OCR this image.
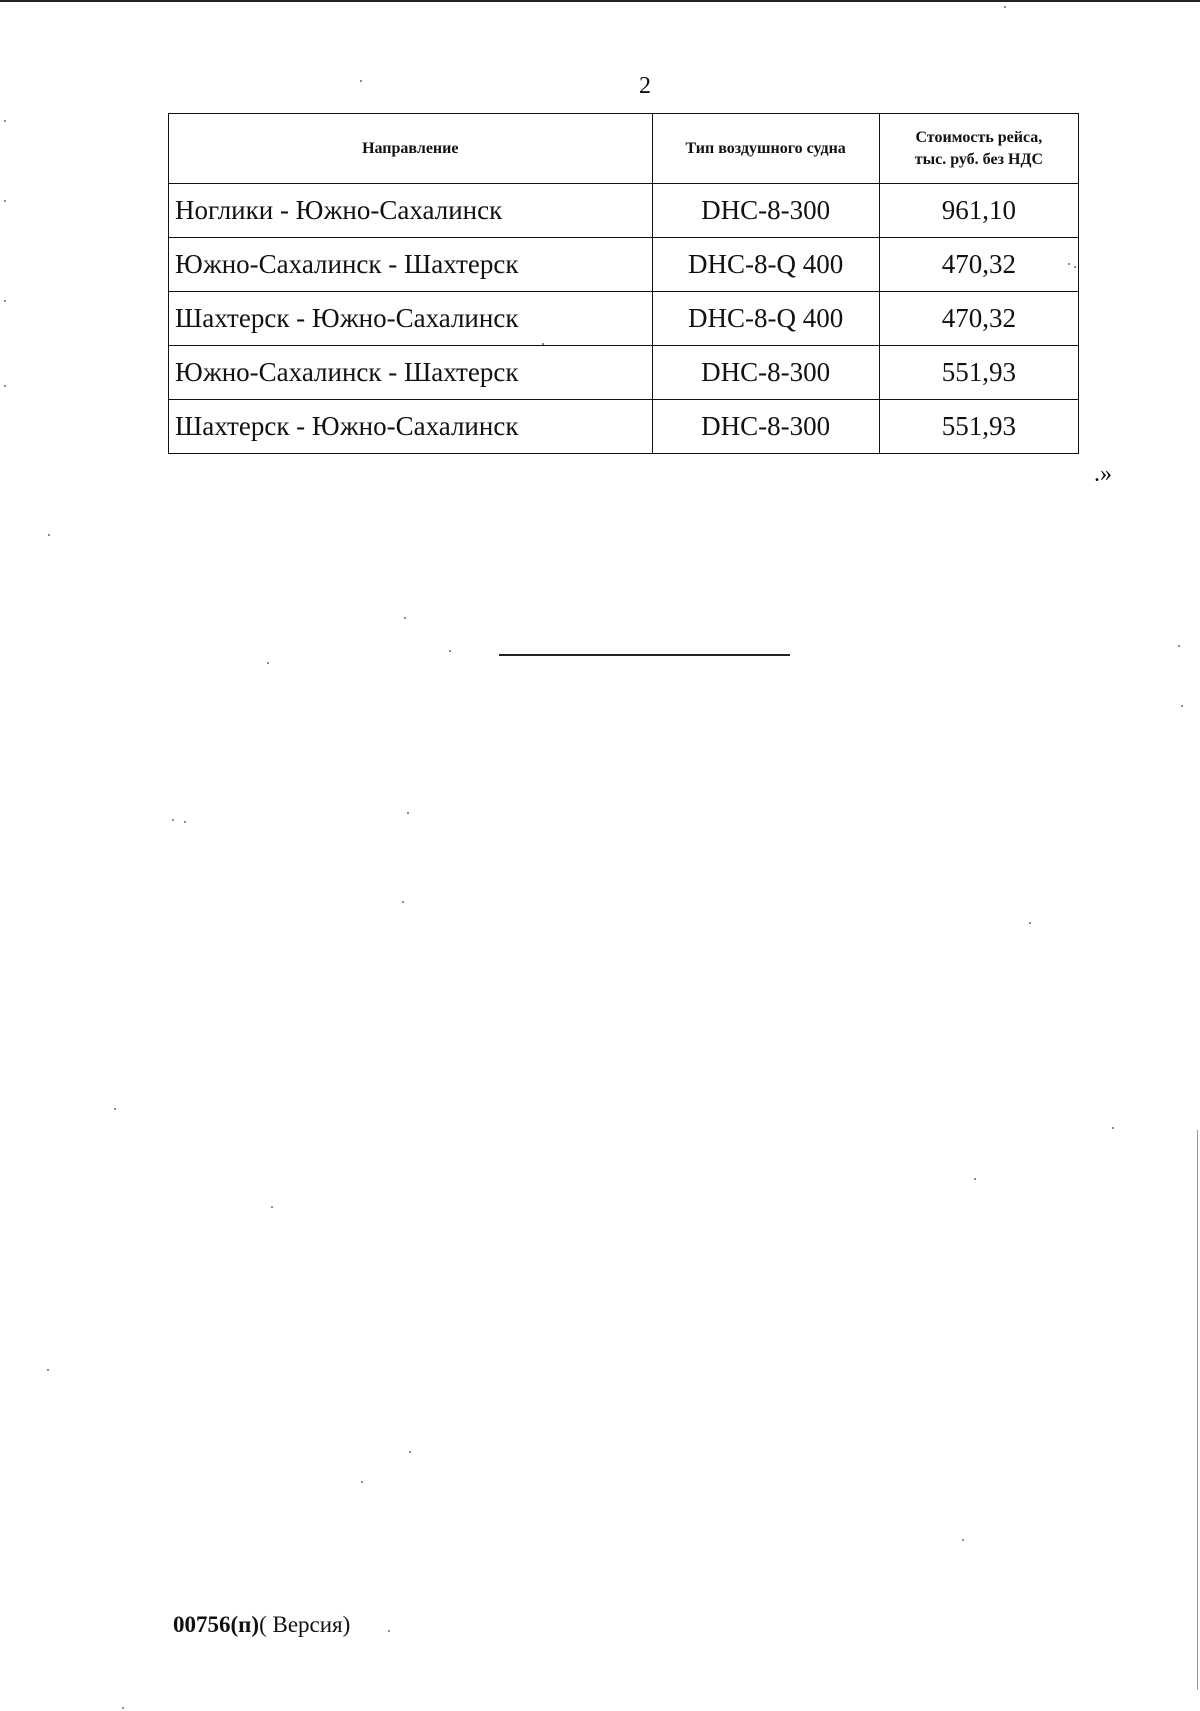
2
Направление	Тип воздушного судна	Стоимость рейса,
тыс. руб. без НДС

Ноглики - Южно-Сахалинск	DHC-8-300	961,10
Южно-Сахалинск - Шахтерск	DHC-8-Q 400	470,32
Шахтерск - Южно-Сахалинск	DHC-8-Q 400	470,32
Южно-Сахалинск - Шахтерск	DHC-8-300	551,93
Шахтерск - Южно-Сахалинск	DHC-8-300	551,93
.»
00756(п)( Версия)
